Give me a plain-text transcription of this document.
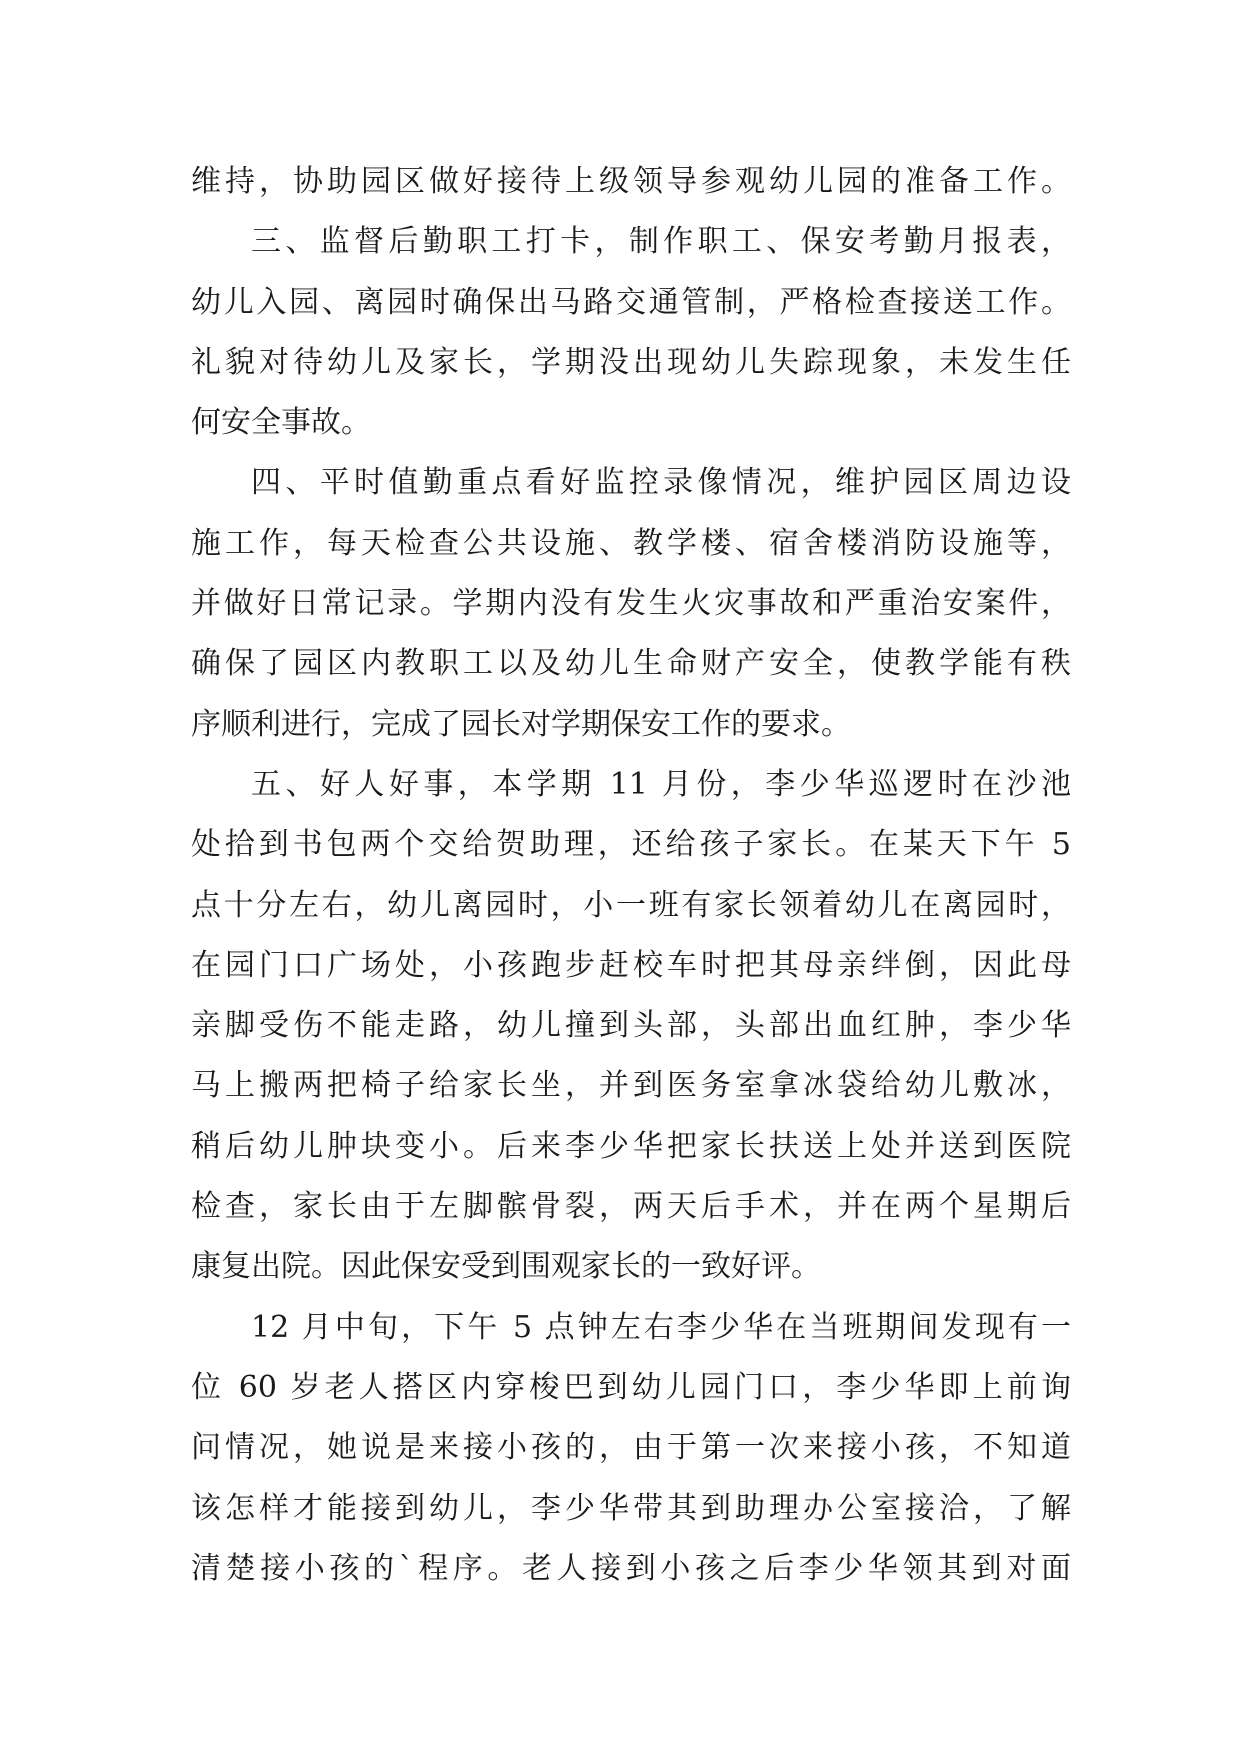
维持，协助园区做好接待上级领导参观幼儿园的准备工作。
三、监督后勤职工打卡，制作职工、保安考勤月报表，
幼儿入园、离园时确保出马路交通管制，严格检查接送工作。
礼貌对待幼儿及家长，学期没出现幼儿失踪现象，未发生任
何安全事故。
四、平时值勤重点看好监控录像情况，维护园区周边设
施工作，每天检查公共设施、教学楼、宿舍楼消防设施等，
并做好日常记录。学期内没有发生火灾事故和严重治安案件，
确保了园区内教职工以及幼儿生命财产安全，使教学能有秩
序顺利进行，完成了园长对学期保安工作的要求。
五、好人好事，本学期 11 月份，李少华巡逻时在沙池
处拾到书包两个交给贺助理，还给孩子家长。在某天下午 5
点十分左右，幼儿离园时，小一班有家长领着幼儿在离园时，
在园门口广场处，小孩跑步赶校车时把其母亲绊倒，因此母
亲脚受伤不能走路，幼儿撞到头部，头部出血红肿，李少华
马上搬两把椅子给家长坐，并到医务室拿冰袋给幼儿敷冰，
稍后幼儿肿块变小。后来李少华把家长扶送上处并送到医院
检查，家长由于左脚髌骨裂，两天后手术，并在两个星期后
康复出院。因此保安受到围观家长的一致好评。
12 月中旬，下午 5 点钟左右李少华在当班期间发现有一
位 60 岁老人搭区内穿梭巴到幼儿园门口，李少华即上前询
问情况，她说是来接小孩的，由于第一次来接小孩，不知道
该怎样才能接到幼儿，李少华带其到助理办公室接洽，了解
清楚接小孩的`程序。老人接到小孩之后李少华领其到对面
